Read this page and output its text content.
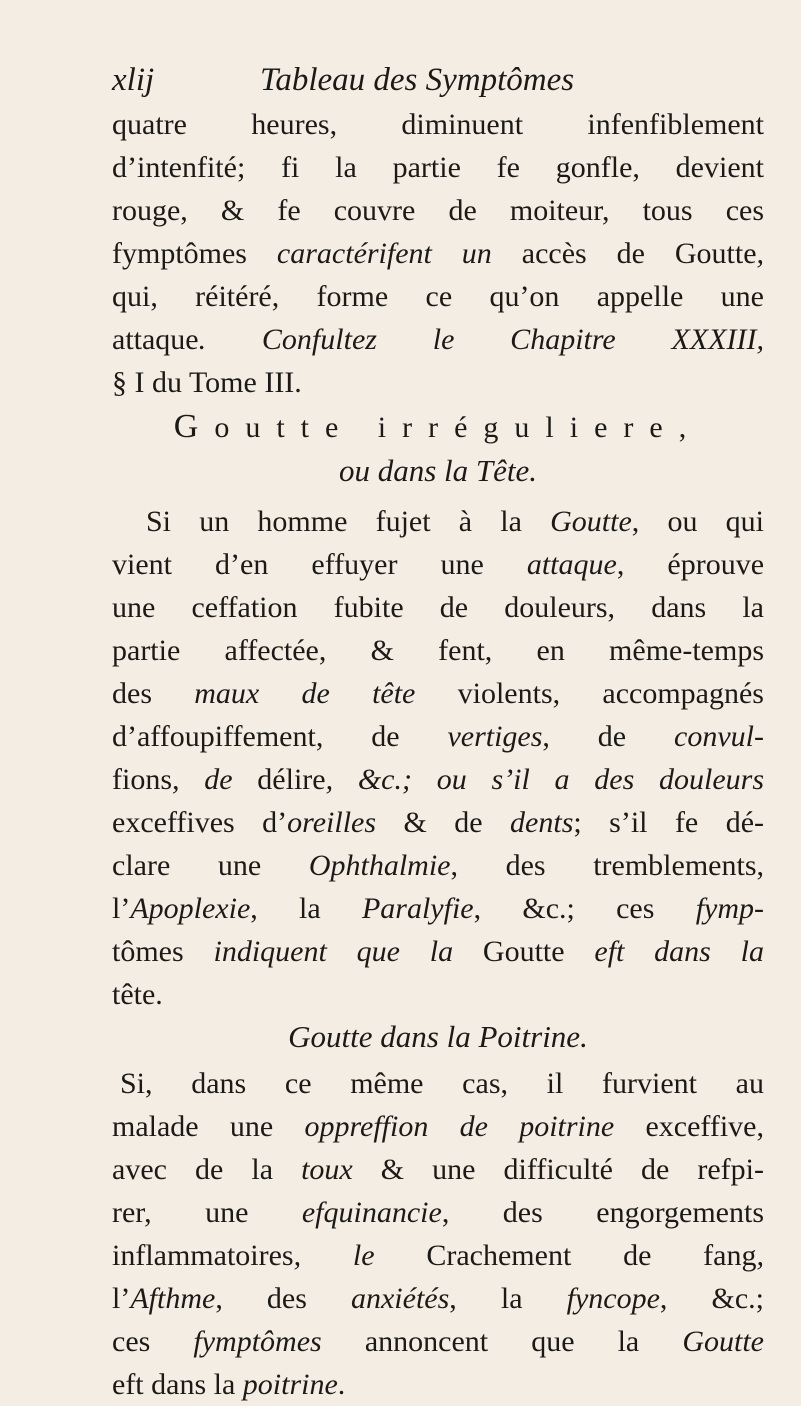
xlij	Tableau des Symptômes
quatre heures, diminuent infenfiblement
d’intenfité; fi la partie fe gonfle, devient
rouge, & fe couvre de moiteur, tous ces
fymptômes caractérifent un accès de Goutte,
qui, réitéré, forme ce qu’on appelle une
attaque. Confultez le Chapitre XXXIII,
§ I du Tome III.
Goutte irréguliere,
ou dans la Tête.
Si un homme fujet à la Goutte, ou qui
vient d’en effuyer une attaque, éprouve
une ceffation fubite de douleurs, dans la
partie affectée, & fent, en même-temps
des maux de tête violents, accompagnés
d’affoupiffement, de vertiges, de convul-
fions, de délire, &c.; ou s’il a des douleurs
exceffives d’oreilles & de dents; s’il fe dé-
clare une Ophthalmie, des tremblements,
l’Apoplexie, la Paralyfie, &c.; ces fymp-
tômes indiquent que la Goutte eft dans la
tête.
Goutte dans la Poitrine.
Si, dans ce même cas, il furvient au
malade une oppreffion de poitrine exceffive,
avec de la toux & une difficulté de refpi-
rer, une efquinancie, des engorgements
inflammatoires, le Crachement de fang,
l’Afthme, des anxiétés, la fyncope, &c.;
ces fymptômes annoncent que la Goutte
eft dans la poitrine.
